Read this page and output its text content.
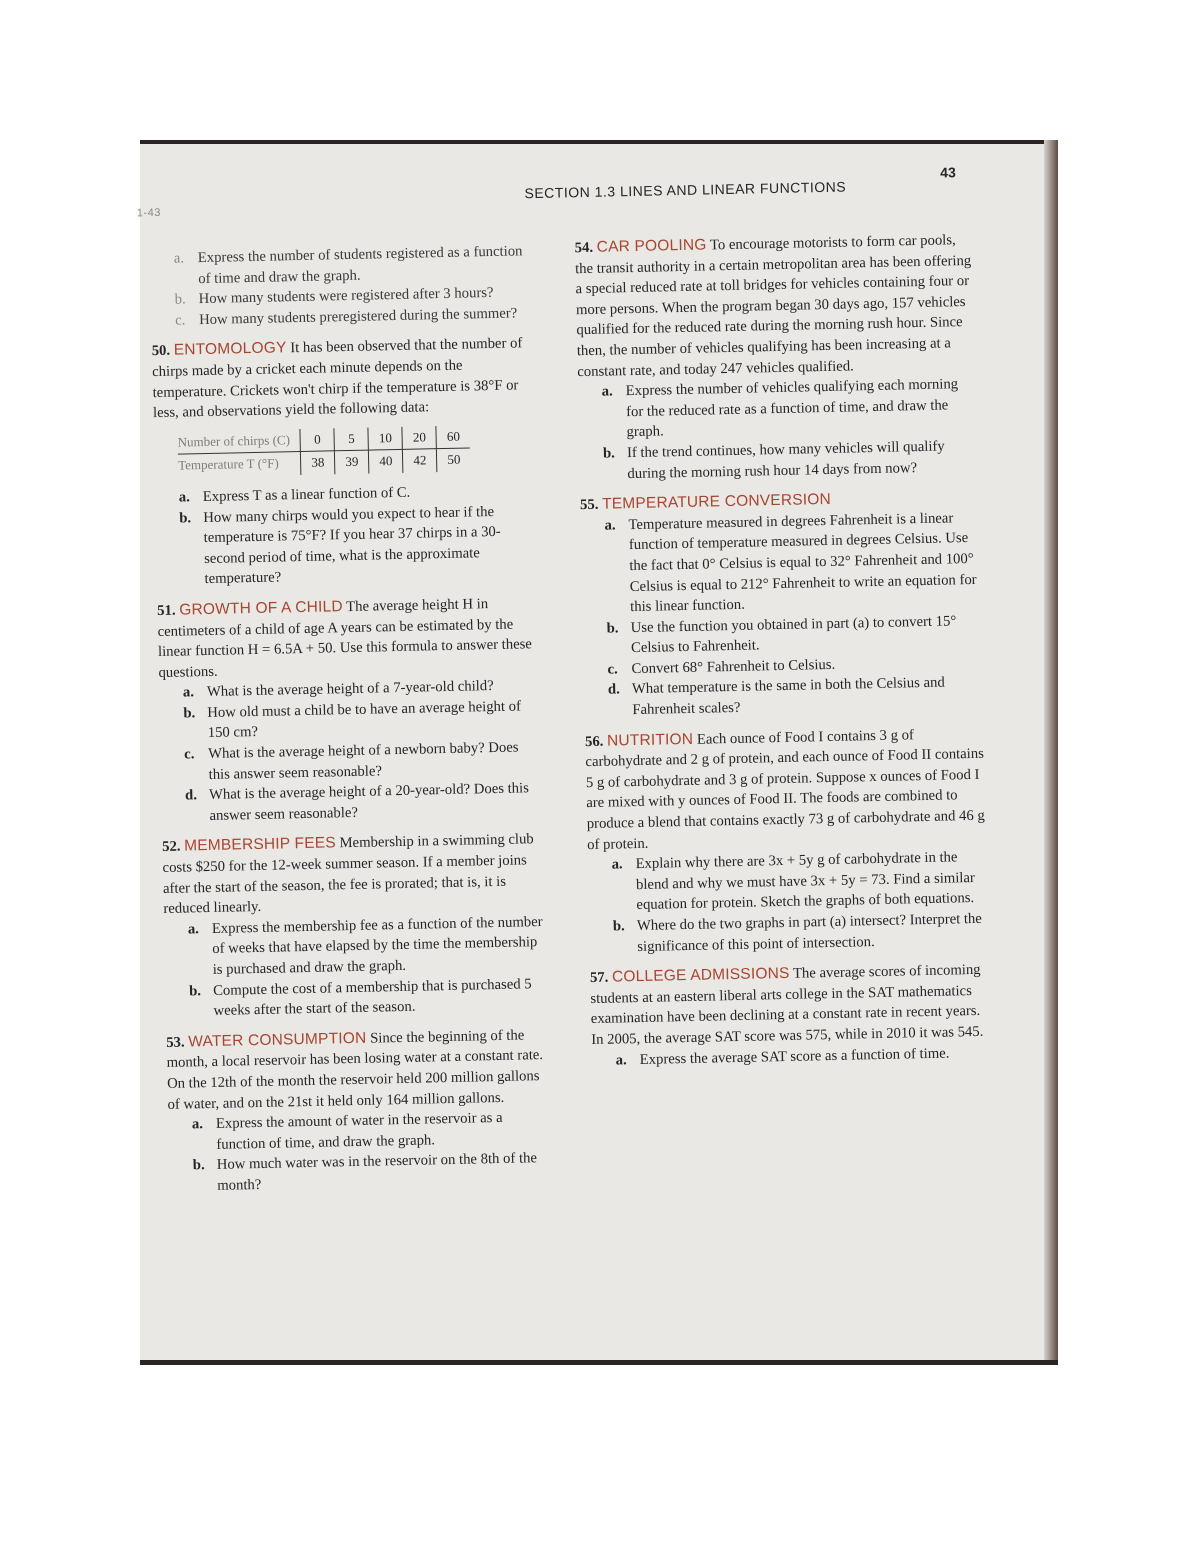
1-43
SECTION 1.3 LINES AND LINEAR FUNCTIONS
43
a. Express the number of students registered as a function of time and draw the graph.
b. How many students were registered after 3 hours?
c. How many students preregistered during the summer?
50. ENTOMOLOGY It has been observed that the number of chirps made by a cricket each minute depends on the temperature. Crickets won't chirp if the temperature is 38°F or less, and observations yield the following data:
Number of chirps (C)	0	5	10	20	60
Temperature T (°F)	38	39	40	42	50
a. Express T as a linear function of C.
b. How many chirps would you expect to hear if the temperature is 75°F? If you hear 37 chirps in a 30-second period of time, what is the approximate temperature?
51. GROWTH OF A CHILD The average height H in centimeters of a child of age A years can be estimated by the linear function H = 6.5A + 50. Use this formula to answer these questions.
a. What is the average height of a 7-year-old child?
b. How old must a child be to have an average height of 150 cm?
c. What is the average height of a newborn baby? Does this answer seem reasonable?
d. What is the average height of a 20-year-old? Does this answer seem reasonable?
52. MEMBERSHIP FEES Membership in a swimming club costs $250 for the 12-week summer season. If a member joins after the start of the season, the fee is prorated; that is, it is reduced linearly.
a. Express the membership fee as a function of the number of weeks that have elapsed by the time the membership is purchased and draw the graph.
b. Compute the cost of a membership that is purchased 5 weeks after the start of the season.
53. WATER CONSUMPTION Since the beginning of the month, a local reservoir has been losing water at a constant rate. On the 12th of the month the reservoir held 200 million gallons of water, and on the 21st it held only 164 million gallons.
a. Express the amount of water in the reservoir as a function of time, and draw the graph.
b. How much water was in the reservoir on the 8th of the month?
54. CAR POOLING To encourage motorists to form car pools, the transit authority in a certain metropolitan area has been offering a special reduced rate at toll bridges for vehicles containing four or more persons. When the program began 30 days ago, 157 vehicles qualified for the reduced rate during the morning rush hour. Since then, the number of vehicles qualifying has been increasing at a constant rate, and today 247 vehicles qualified.
a. Express the number of vehicles qualifying each morning for the reduced rate as a function of time, and draw the graph.
b. If the trend continues, how many vehicles will qualify during the morning rush hour 14 days from now?
55. TEMPERATURE CONVERSION
a. Temperature measured in degrees Fahrenheit is a linear function of temperature measured in degrees Celsius. Use the fact that 0° Celsius is equal to 32° Fahrenheit and 100° Celsius is equal to 212° Fahrenheit to write an equation for this linear function.
b. Use the function you obtained in part (a) to convert 15° Celsius to Fahrenheit.
c. Convert 68° Fahrenheit to Celsius.
d. What temperature is the same in both the Celsius and Fahrenheit scales?
56. NUTRITION Each ounce of Food I contains 3 g of carbohydrate and 2 g of protein, and each ounce of Food II contains 5 g of carbohydrate and 3 g of protein. Suppose x ounces of Food I are mixed with y ounces of Food II. The foods are combined to produce a blend that contains exactly 73 g of carbohydrate and 46 g of protein.
a. Explain why there are 3x + 5y g of carbohydrate in the blend and why we must have 3x + 5y = 73. Find a similar equation for protein. Sketch the graphs of both equations.
b. Where do the two graphs in part (a) intersect? Interpret the significance of this point of intersection.
57. COLLEGE ADMISSIONS The average scores of incoming students at an eastern liberal arts college in the SAT mathematics examination have been declining at a constant rate in recent years. In 2005, the average SAT score was 575, while in 2010 it was 545.
a. Express the average SAT score as a function of time.
